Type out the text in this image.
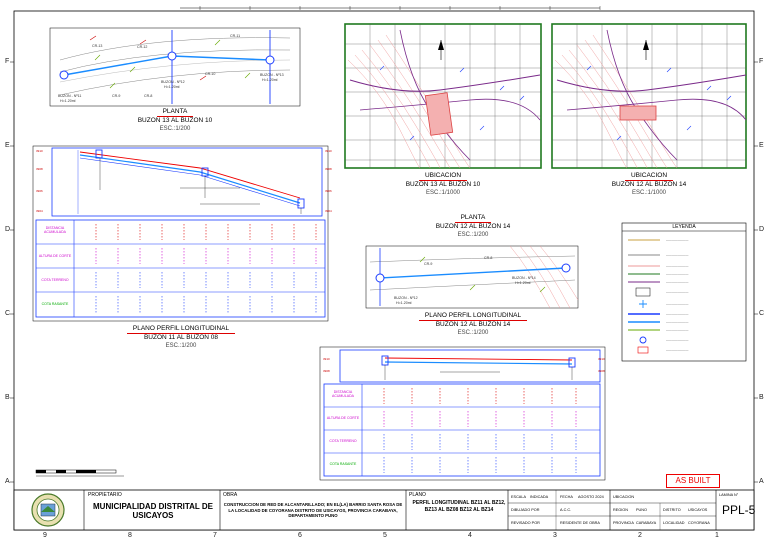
3910
3908
3906
3904
3910
3908
3906
3904
3910
3908
3910
3908
————————
————————
————————
————————
————————
————————
————————
————————
————————
————————
————————
————————
9	8	7	6	5	4	3	2	1
F
E
D
C
B
A
F
E
D
C
B
A
CR-13	CR-12
CR-11
CR-10
CR-9	CR-8
BUZON - Nº12
H=1.20ml
BUZON - Nº13
H=1.20ml
BUZON - Nº11
H=1.20ml
CR-9
CR-8
BUZON - Nº14
H=1.20ml
BUZON - Nº12
H=1.20ml
PLANTA
BUZON 13 AL BUZON 10
ESC.:1/200
UBICACION
BUZON 13 AL BUZON 10
ESC.:1/1000
UBICACION
BUZON 12 AL BUZON 14
ESC.:1/1000
PLANTA
BUZON 12 AL BUZON 14
ESC.:1/200
PLANO PERFIL LONGITUDINAL
BUZON 11 AL BUZON 08
ESC.:1/200
PLANO PERFIL LONGITUDINAL
BUZON 12 AL BUZON 14
ESC.:1/200
DISTANCIA ACUMULADA
ALTURA DE CORTE
COTA TERRENO
COTA RASANTE
DISTANCIA ACUMULADA
ALTURA DE CORTE
COTA TERRENO
COTA RASANTE
LEYENDA
AS BUILT
PROPIETARIO
MUNICIPALIDAD DISTRITAL DE USICAYOS
OBRA
CONSTRUCCION DE RED DE ALCANTARILLADO; EN EL(LA) BARRIO SANTA ROSA DE LA LOCALIDAD DE COYORANA DISTRITO DE USICAYOS, PROVINCIA CARABAYA, DEPARTAMENTO PUNO
PLANO
PERFIL LONGITUDINAL BZ11 AL BZ12, BZ13 AL BZ08 BZ12 AL BZ14
ESCALA INDICADA	FECHA AGOSTO 2024
DIBUJADO POR	A.C.C.
REVISADO POR	RESIDENTE DE OBRA
UBICACION
REGION PUNO	DISTRITO USICAYOS
PROVINCIA CARABAYA LOCALIDAD COYORANA
LAMINA N°
PPL-5
